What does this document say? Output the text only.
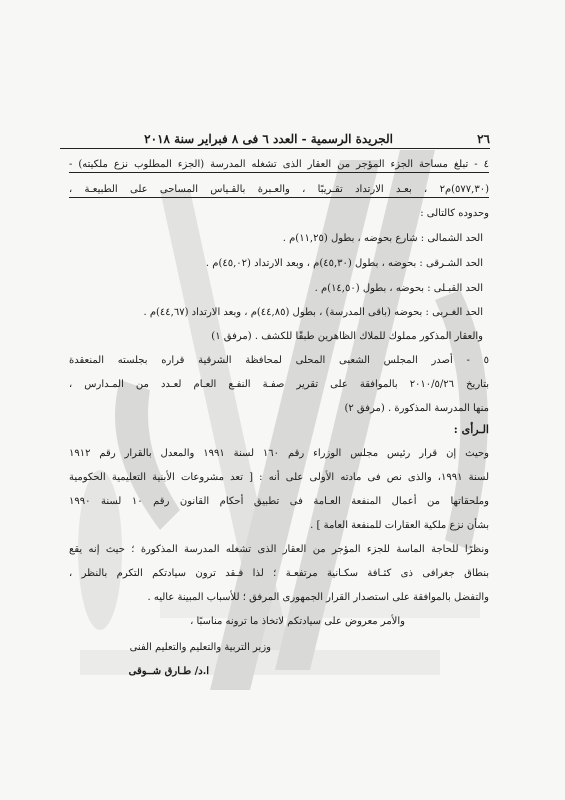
٢٦
الجريدة الرسمية - العدد ٦ فى ٨ فبراير سنة ٢٠١٨
٤ - تبلغ مساحة الجزء المؤجر من العقار الذى تشغله المدرسة (الجزء المطلوب نزع ملكيته) -
(٥٧٧,٣٠)م٢ ، بعـد الارتداد تقـريبًا ، والعـبرة بالقـياس المساحى على الطبيعـة ،
وحدوده كالتالى :
الحد الشمالى : شارع بحوضه ، بطول (١١,٢٥)م .
الحد الشـرقى : بحوضه ، بطول (٤٥,٣٠)م ، وبعد الارتداد (٤٥,٠٢)م .
الحد القبـلى : بحوضه ، بطول (١٤,٥٠)م .
الحد الغـربى : بحوضه (باقى المدرسة) ، بطول (٤٤,٨٥)م ، وبعد الارتداد (٤٤,٦٧)م .
والعقار المذكور مملوك للملاك الظاهرين طبقًا للكشف . (مرفق ١)
٥ - أصدر المجلس الشعبى المحلى لمحافظة الشرقية قراره بجلسته المنعقدة
بتاريخ ٢٠١٠/٥/٢٦ بالموافقة على تقرير صفـة النفـع العـام لعـدد من المـدارس ،
منها المدرسة المذكورة . (مرفق ٢)
الـرأى :
وحيث إن قرار رئيس مجلس الوزراء رقم ١٦٠ لسنة ١٩٩١ والمعدل بالقرار رقم ١٩١٢
لسنة ١٩٩١، والذى نص فى مادته الأولى على أنه : [ تعد مشروعات الأبنية التعليمية الحكومية
وملحقاتها من أعمال المنفعة العـامة فى تطبيق أحكام القانون رقم ١٠ لسنة ١٩٩٠
بشأن نزع ملكية العقارات للمنفعة العامة ] .
ونظرًا للحاجة الماسة للجزء المؤجر من العقار الذى تشغله المدرسة المذكورة ؛ حيث إنه يقع
بنطاق جغرافى ذى كثـافة سكـانية مرتفعـة ؛ لذا فـقد ترون سيادتكم التكرم بالنظر ،
والتفضل بالموافقة على استصدار القرار الجمهورى المرفق ؛ للأسباب المبينة عاليه .
والأمر معروض على سيادتكم لاتخاذ ما ترونه مناسبًا ،
وزير التربية والتعليم والتعليم الفنى
ا.د/ طـارق شــوقى
